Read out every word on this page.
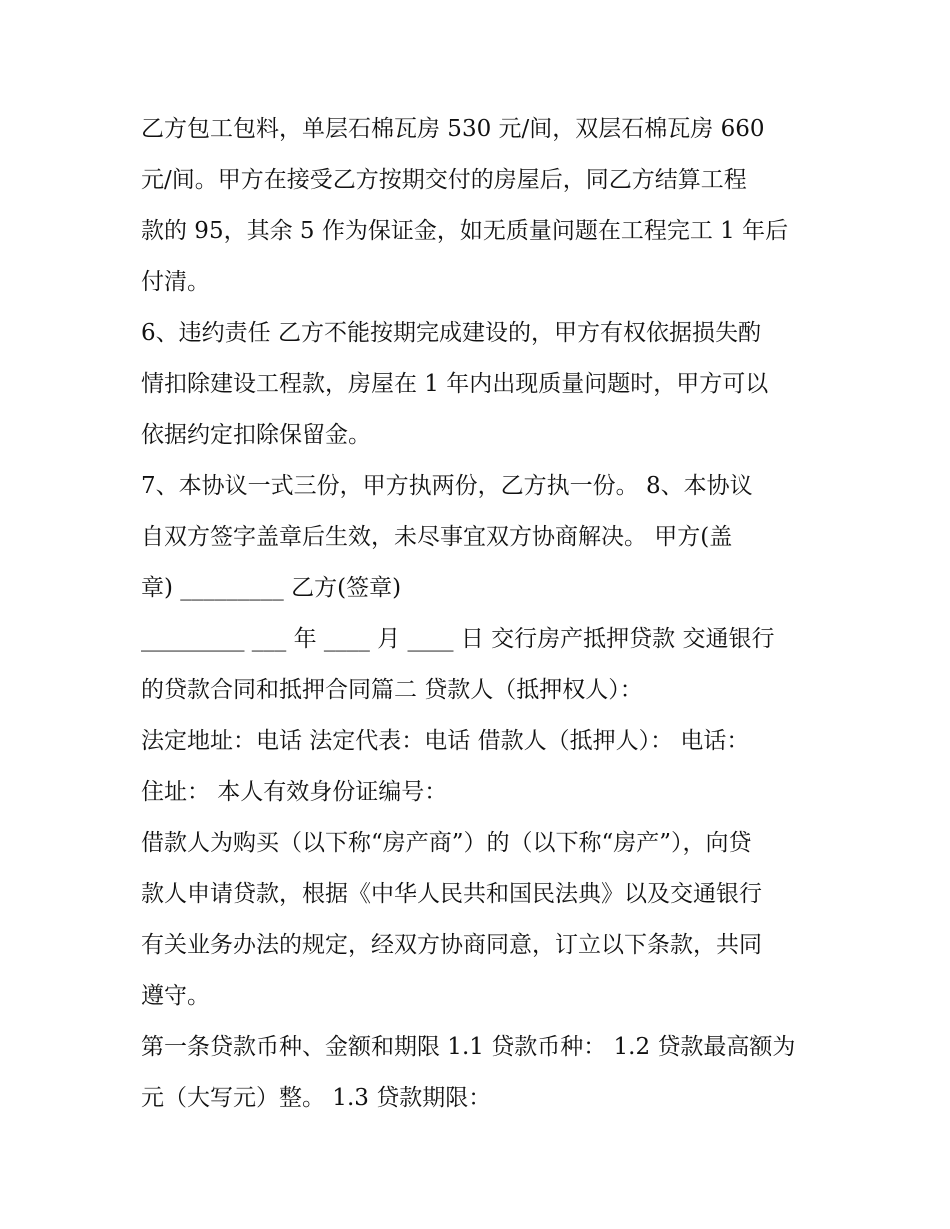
乙方包工包料，单层石棉瓦房 530 元/间，双层石棉瓦房 660
元/间。甲方在接受乙方按期交付的房屋后，同乙方结算工程
款的 95，其余 5 作为保证金，如无质量问题在工程完工 1 年后
付清。
6、违约责任 乙方不能按期完成建设的，甲方有权依据损失酌
情扣除建设工程款，房屋在 1 年内出现质量问题时，甲方可以
依据约定扣除保留金。
7、本协议一式三份，甲方执两份，乙方执一份。 8、本协议
自双方签字盖章后生效，未尽事宜双方协商解决。 甲方(盖
章) _________ 乙方(签章)
_________ ___ 年 ____ 月 ____ 日 交行房产抵押贷款 交通银行
的贷款合同和抵押合同篇二 贷款人（抵押权人）：
法定地址：电话 法定代表：电话 借款人（抵押人）： 电话：
住址： 本人有效身份证编号：
借款人为购买（以下称“房产商”）的（以下称“房产”），向贷
款人申请贷款，根据《中华人民共和国民法典》以及交通银行
有关业务办法的规定，经双方协商同意，订立以下条款，共同
遵守。
第一条贷款币种、金额和期限 1.1 贷款币种： 1.2 贷款最高额为
元（大写元）整。 1.3 贷款期限：
